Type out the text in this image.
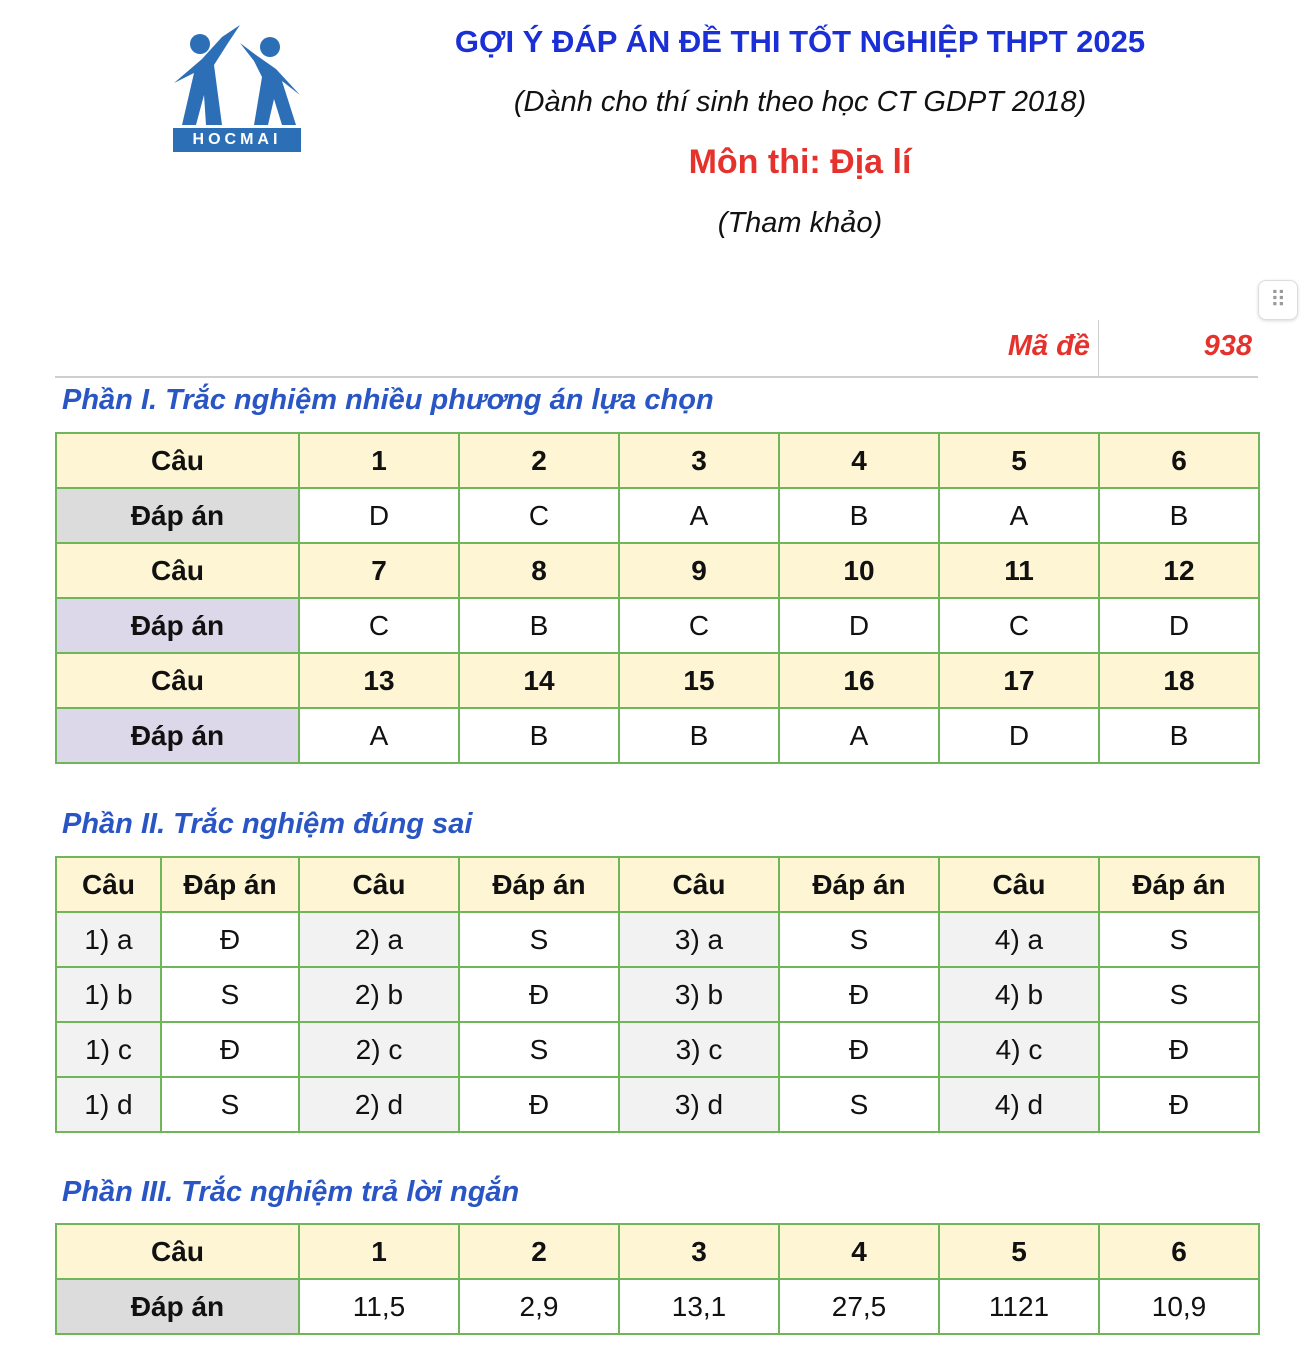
HOCMAI
GỢI Ý ĐÁP ÁN ĐỀ THI TỐT NGHIỆP THPT 2025
(Dành cho thí sinh theo học CT GDPT 2018)
Môn thi: Địa lí
(Tham khảo)
⠿
Mã đề	938
Phần I. Trắc nghiệm nhiều phương án lựa chọn
Câu	1	2	3	4	5	6
Đáp án	D	C	A	B	A	B
Câu	7	8	9	10	11	12
Đáp án	C	B	C	D	C	D
Câu	13	14	15	16	17	18
Đáp án	A	B	B	A	D	B
Phần II. Trắc nghiệm đúng sai
Câu	Đáp án	Câu	Đáp án	Câu	Đáp án	Câu	Đáp án
1) a	Đ	2) a	S	3) a	S	4) a	S
1) b	S	2) b	Đ	3) b	Đ	4) b	S
1) c	Đ	2) c	S	3) c	Đ	4) c	Đ
1) d	S	2) d	Đ	3) d	S	4) d	Đ
Phần III. Trắc nghiệm trả lời ngắn
Câu	1	2	3	4	5	6
Đáp án	11,5	2,9	13,1	27,5	1121	10,9
